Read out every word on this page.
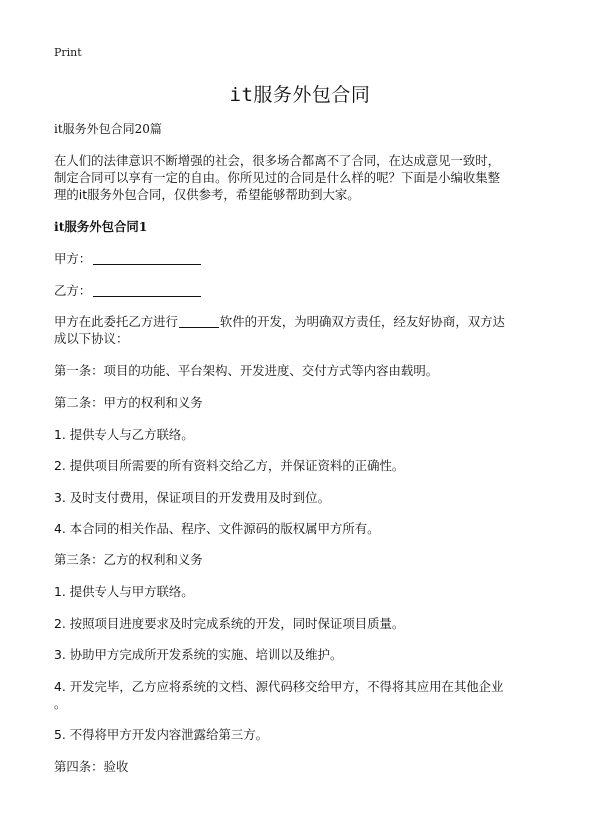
Print
it服务外包合同
it服务外包合同20篇
在人们的法律意识不断增强的社会，很多场合都离不了合同，在达成意见一致时，
制定合同可以享有一定的自由。你所见过的合同是什么样的呢？下面是小编收集整
理的it服务外包合同，仅供参考，希望能够帮助到大家。
it服务外包合同1
甲方：
乙方：
甲方在此委托乙方进行	软件的开发，为明确双方责任，经友好协商，双方达
成以下协议：
第一条：项目的功能、平台架构、开发进度、交付方式等内容由载明。
第二条：甲方的权利和义务
1. 提供专人与乙方联络。
2. 提供项目所需要的所有资料交给乙方，并保证资料的正确性。
3. 及时支付费用，保证项目的开发费用及时到位。
4. 本合同的相关作品、程序、文件源码的版权属甲方所有。
第三条：乙方的权利和义务
1. 提供专人与甲方联络。
2. 按照项目进度要求及时完成系统的开发，同时保证项目质量。
3. 协助甲方完成所开发系统的实施、培训以及维护。
4. 开发完毕，乙方应将系统的文档、源代码移交给甲方，不得将其应用在其他企业
。
5. 不得将甲方开发内容泄露给第三方。
第四条：验收
